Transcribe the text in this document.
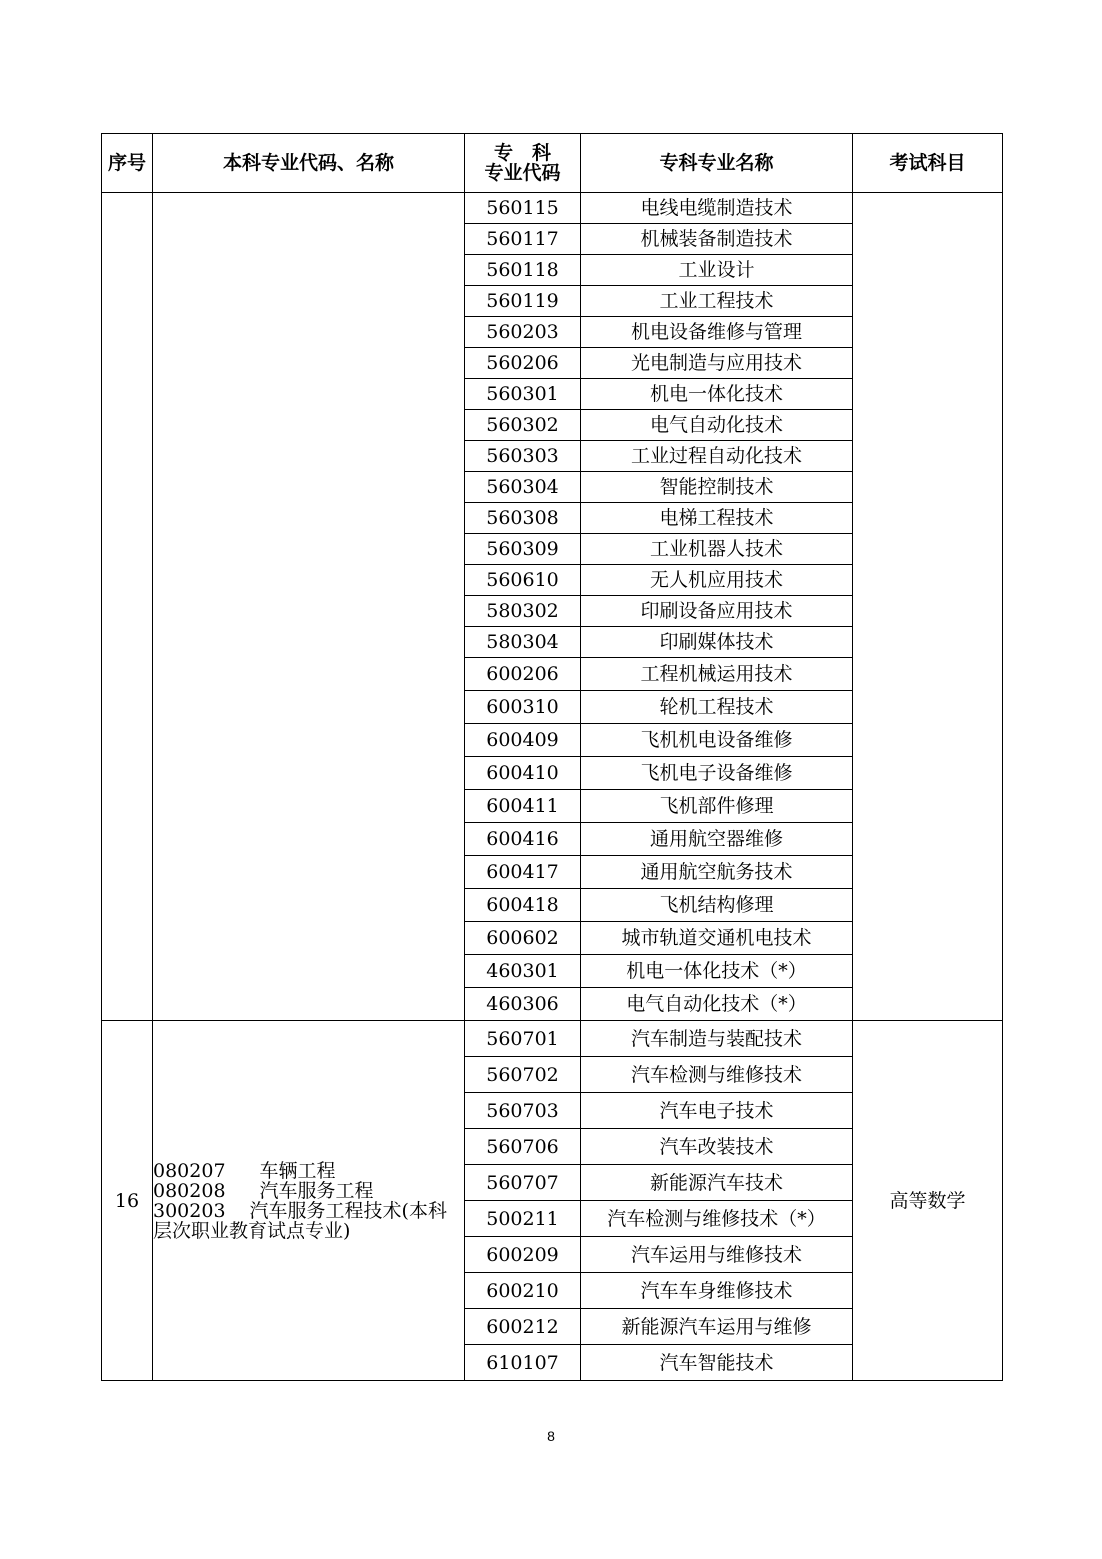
序号	本科专业代码、名称	专　科
专业代码	专科专业名称	考试科目
		560115	电线电缆制造技术	
		560117	机械装备制造技术	
		560118	工业设计	
		560119	工业工程技术	
		560203	机电设备维修与管理	
		560206	光电制造与应用技术	
		560301	机电一体化技术	
		560302	电气自动化技术	
		560303	工业过程自动化技术	
		560304	智能控制技术	
		560308	电梯工程技术	
		560309	工业机器人技术	
		560610	无人机应用技术	
		580302	印刷设备应用技术	
		580304	印刷媒体技术	
		600206	工程机械运用技术	
		600310	轮机工程技术	
		600409	飞机机电设备维修	
		600410	飞机电子设备维修	
		600411	飞机部件修理	
		600416	通用航空器维修	
		600417	通用航空航务技术	
		600418	飞机结构修理	
		600602	城市轨道交通机电技术	
		460301	机电一体化技术（*）	
		460306	电气自动化技术（*）	
16	080207 车辆工程
080208 汽车服务工程
300203 汽车服务工程技术(本科层次职业教育试点专业)	560701	汽车制造与装配技术	高等数学
		560702	汽车检测与维修技术	
		560703	汽车电子技术	
		560706	汽车改装技术	
		560707	新能源汽车技术	
		500211	汽车检测与维修技术（*）	
		600209	汽车运用与维修技术	
		600210	汽车车身维修技术	
		600212	新能源汽车运用与维修	
		610107	汽车智能技术	
8
